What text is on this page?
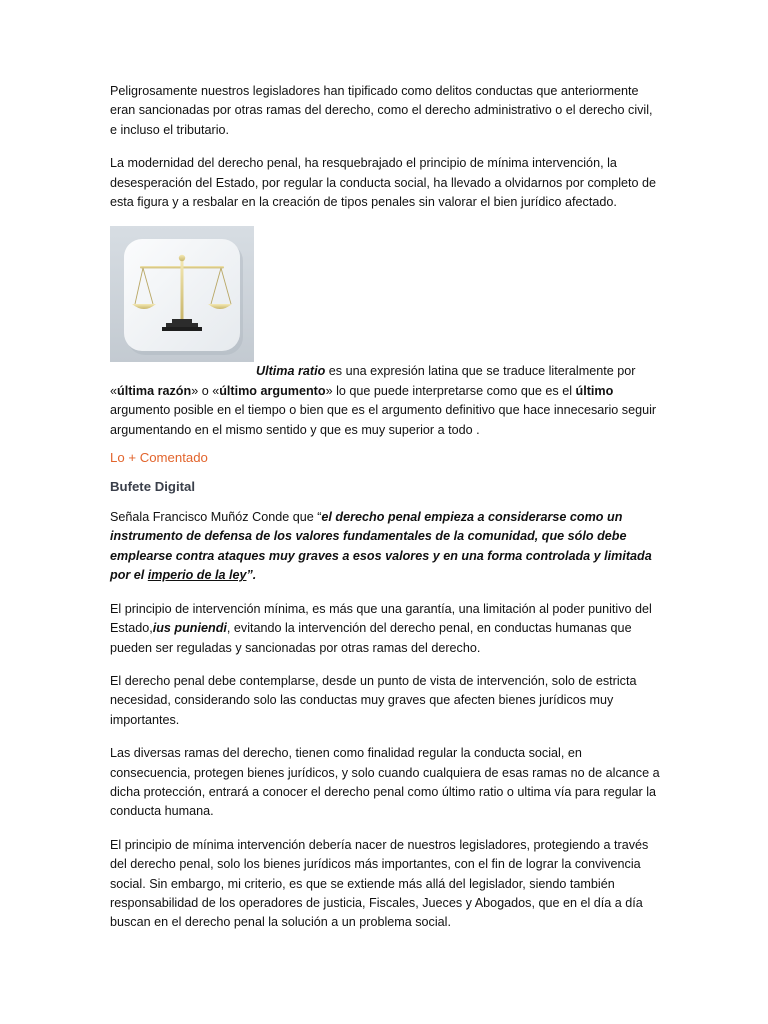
Peligrosamente nuestros legisladores han tipificado como delitos conductas que anteriormente eran sancionadas por otras ramas del derecho, como el derecho administrativo o el derecho civil, e incluso el tributario.

La modernidad del derecho penal, ha resquebrajado el principio de mínima intervención, la desesperación del Estado, por regular la conducta social, ha llevado a olvidarnos por completo de esta figura y a resbalar en la creación de tipos penales sin valorar el bien jurídico afectado.

Ultima ratio es una expresión latina que se traduce literalmente por «última razón» o «último argumento» lo que puede interpretarse como que es el último argumento posible en el tiempo o bien que es el argumento definitivo que hace innecesario seguir argumentando en el mismo sentido y que es muy superior a todo .

Lo + Comentado
Bufete Digital

Señala Francisco Muñóz Conde que “el derecho penal empieza a considerarse como un instrumento de defensa de los valores fundamentales de la comunidad, que sólo debe emplearse contra ataques muy graves a esos valores y en una forma controlada y limitada por el imperio de la ley”.

El principio de intervención mínima, es más que una garantía, una limitación al poder punitivo del Estado,ius puniendi, evitando la intervención del derecho penal, en conductas humanas que pueden ser reguladas y sancionadas por otras ramas del derecho.

El derecho penal debe contemplarse, desde un punto de vista de intervención, solo de estricta necesidad, considerando solo las conductas muy graves que afecten bienes jurídicos muy importantes.

Las diversas ramas del derecho, tienen como finalidad regular la conducta social, en consecuencia, protegen bienes jurídicos, y solo cuando cualquiera de esas ramas no de alcance a dicha protección, entrará a conocer el derecho penal como último ratio o ultima vía para regular la conducta humana.

El principio de mínima intervención debería nacer de nuestros legisladores, protegiendo a través del derecho penal, solo los bienes jurídicos más importantes, con el fin de lograr la convivencia social. Sin embargo, mi criterio, es que se extiende más allá del legislador, siendo también responsabilidad de los operadores de justicia, Fiscales, Jueces y Abogados, que en el día a día buscan en el derecho penal la solución a un problema social.
